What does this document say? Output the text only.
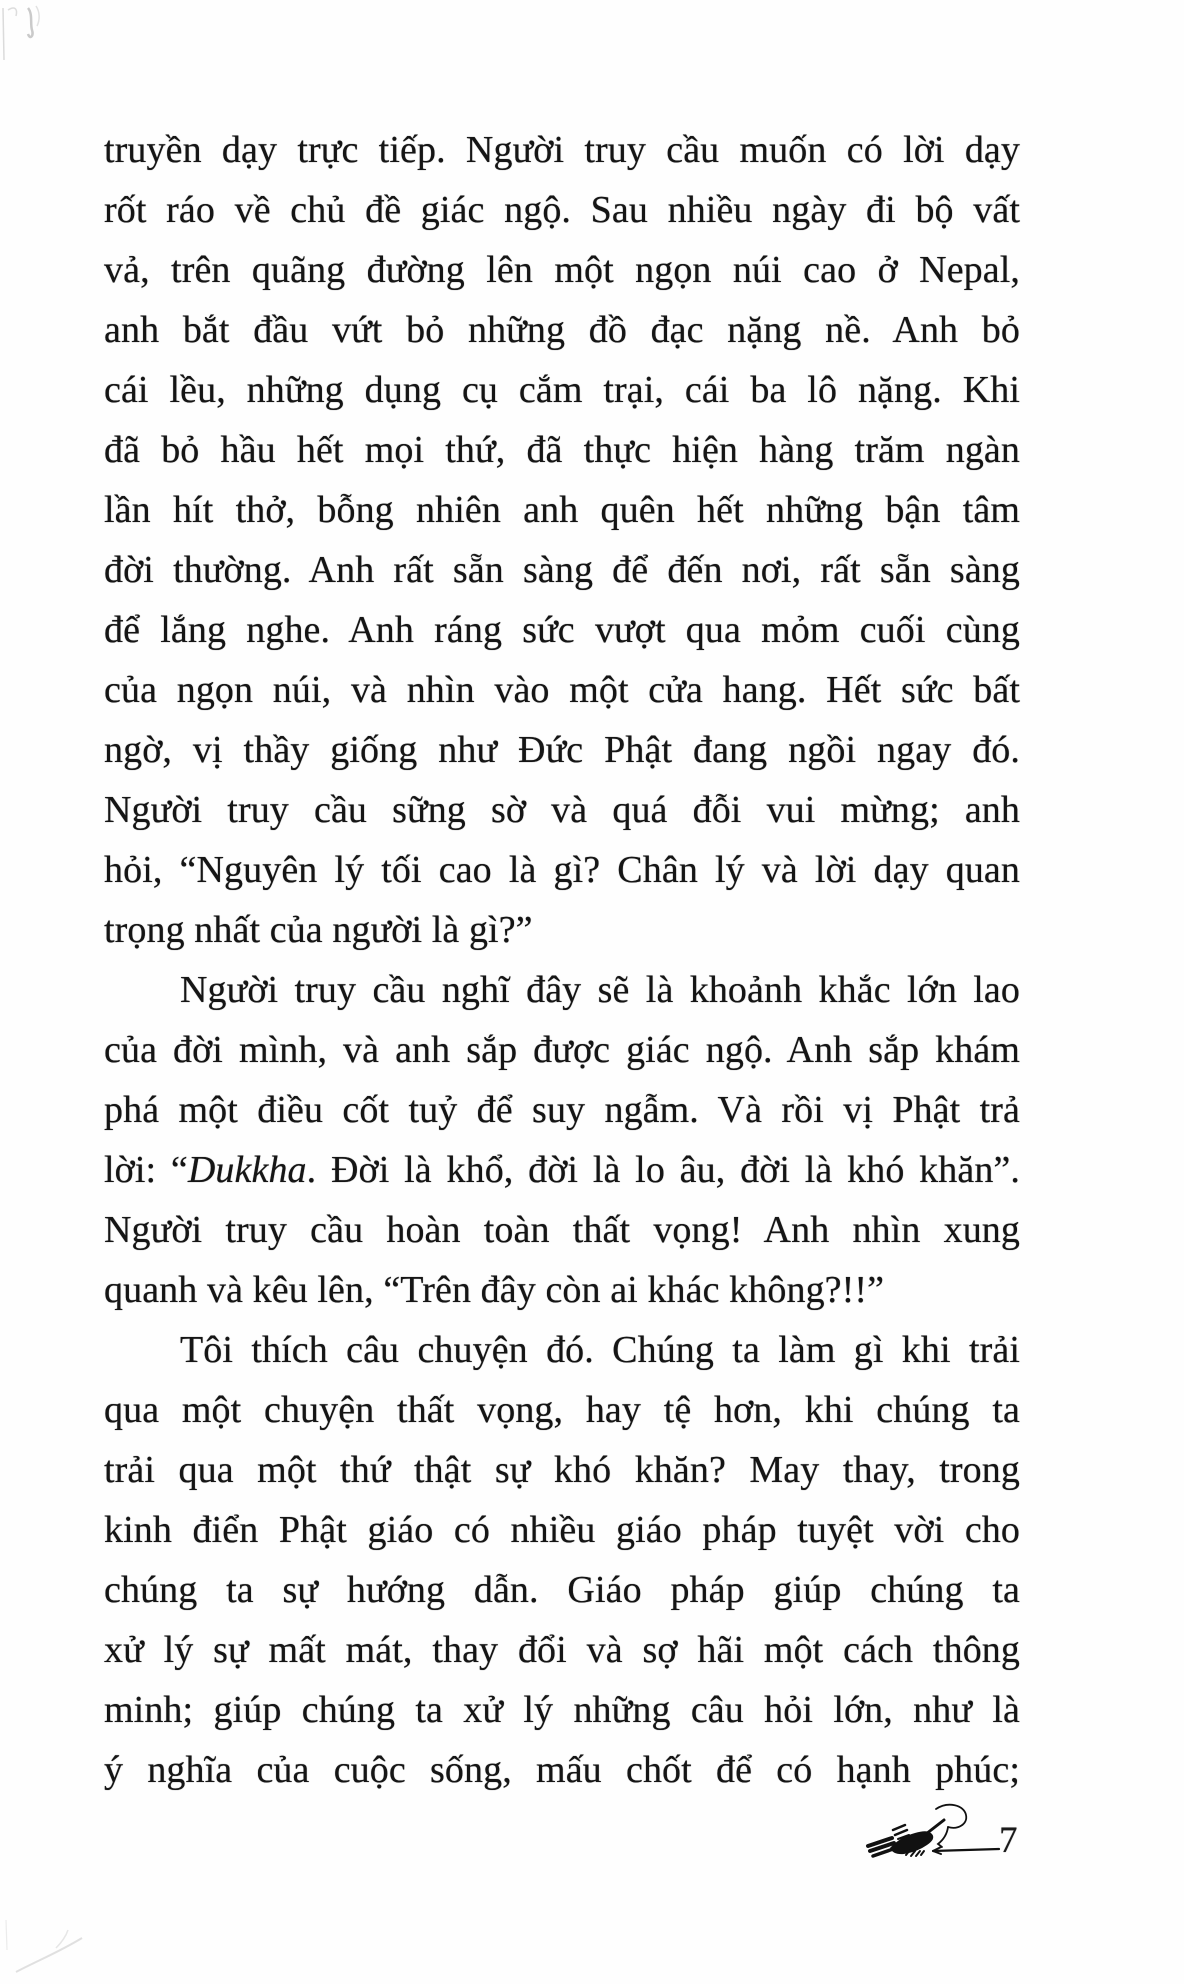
truyền dạy trực tiếp. Người truy cầu muốn có lời dạy
rốt ráo về chủ đề giác ngộ. Sau nhiều ngày đi bộ vất
vả, trên quãng đường lên một ngọn núi cao ở Nepal,
anh bắt đầu vứt bỏ những đồ đạc nặng nề. Anh bỏ
cái lều, những dụng cụ cắm trại, cái ba lô nặng. Khi
đã bỏ hầu hết mọi thứ, đã thực hiện hàng trăm ngàn
lần hít thở, bỗng nhiên anh quên hết những bận tâm
đời thường. Anh rất sẵn sàng để đến nơi, rất sẵn sàng
để lắng nghe. Anh ráng sức vượt qua mỏm cuối cùng
của ngọn núi, và nhìn vào một cửa hang. Hết sức bất
ngờ, vị thầy giống như Đức Phật đang ngồi ngay đó.
Người truy cầu sững sờ và quá đỗi vui mừng; anh
hỏi, “Nguyên lý tối cao là gì? Chân lý và lời dạy quan
trọng nhất của người là gì?”
Người truy cầu nghĩ đây sẽ là khoảnh khắc lớn lao
của đời mình, và anh sắp được giác ngộ. Anh sắp khám
phá một điều cốt tuỷ để suy ngẫm. Và rồi vị Phật trả
lời: “Dukkha. Đời là khổ, đời là lo âu, đời là khó khăn”.
Người truy cầu hoàn toàn thất vọng! Anh nhìn xung
quanh và kêu lên, “Trên đây còn ai khác không?!!”
Tôi thích câu chuyện đó. Chúng ta làm gì khi trải
qua một chuyện thất vọng, hay tệ hơn, khi chúng ta
trải qua một thứ thật sự khó khăn? May thay, trong
kinh điển Phật giáo có nhiều giáo pháp tuyệt vời cho
chúng ta sự hướng dẫn. Giáo pháp giúp chúng ta
xử lý sự mất mát, thay đổi và sợ hãi một cách thông
minh; giúp chúng ta xử lý những câu hỏi lớn, như là
ý nghĩa của cuộc sống, mấu chốt để có hạnh phúc;
7
